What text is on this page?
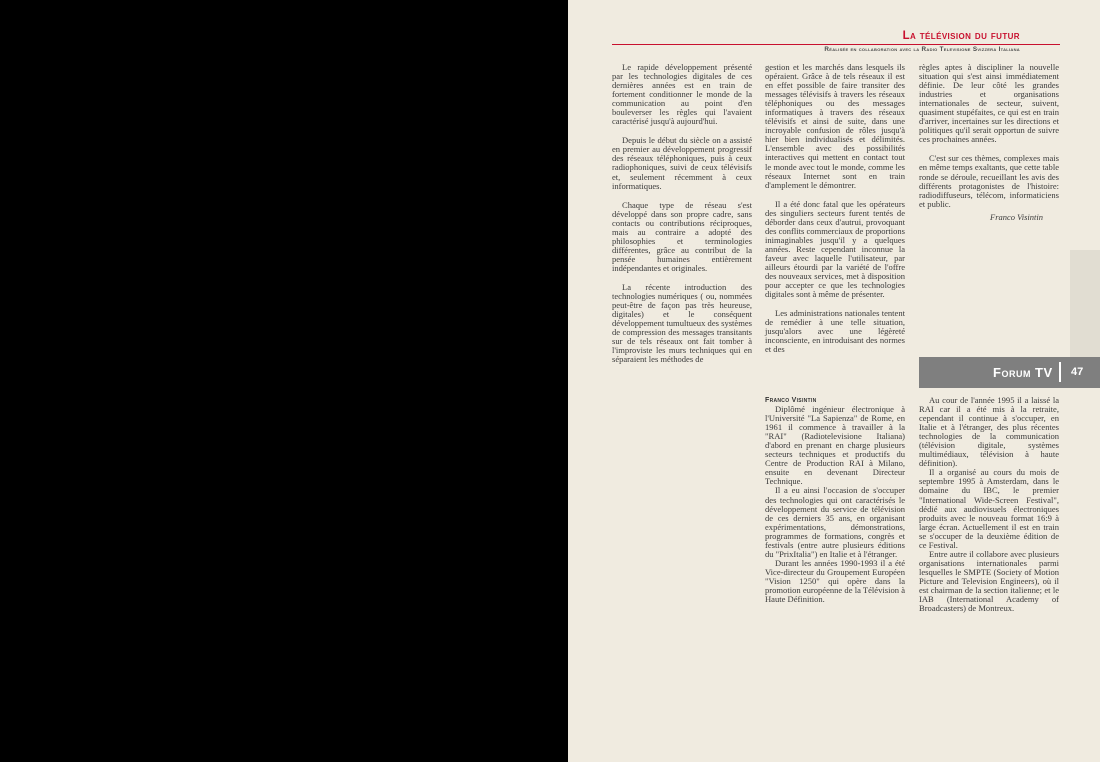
La télévision du futur
Réalisée en collaboration avec la Radio Televisione Svizzera Italiana

Le rapide développement présenté par les technologies digitales de ces dernières années est en train de fortement conditionner le monde de la communication au point d'en bouleverser les règles qui l'avaient caractérisé jusqu'à aujourd'hui.

Depuis le début du siècle on a assisté en premier au développement progressif des réseaux téléphoniques, puis à ceux radiophoniques, suivi de ceux télévisifs et, seulement récemment à ceux informatiques.

Chaque type de réseau s'est développé dans son propre cadre, sans contacts ou contributions réciproques, mais au contraire a adopté des philosophies et terminologies différentes, grâce au contribut de la pensée humaines entièrement indépendantes et originales.

La récente introduction des technologies numériques ( ou, nommées peut-être de façon pas très heureuse, digitales) et le conséquent développement tumultueux des systèmes de compression des messages transitants sur de tels réseaux ont fait tomber à l'improviste les murs techniques qui en séparaient les méthodes de

gestion et les marchés dans lesquels ils opéraient. Grâce à de tels réseaux il est en effet possible de faire transiter des messages télévisifs à travers les réseaux téléphoniques ou des messages informatiques à travers des réseaux télévisifs et ainsi de suite, dans une incroyable confusion de rôles jusqu'à hier bien individualisés et délimités. L'ensemble avec des possibilités interactives qui mettent en contact tout le monde avec tout le monde, comme les réseaux Internet sont en train d'amplement le démontrer.

Il a été donc fatal que les opérateurs des singuliers secteurs furent tentés de déborder dans ceux d'autrui, provoquant des conflits commerciaux de proportions inimaginables jusqu'il y a quelques années. Reste cependant inconnue la faveur avec laquelle l'utilisateur, par ailleurs étourdi par la variété de l'offre des nouveaux services, met à disposition pour accepter ce que les technologies digitales sont à même de présenter.

Les administrations nationales tentent de remédier à une telle situation, jusqu'alors avec une légèreté inconsciente, en introduisant des normes et des

règles aptes à discipliner la nouvelle situation qui s'est ainsi immédiatement définie. De leur côté les grandes industries et organisations internationales de secteur, suivent, quasiment stupéfaites, ce qui est en train d'arriver, incertaines sur les directions et politiques qu'il serait opportun de suivre ces prochaines années.

C'est sur ces thèmes, complexes mais en même temps exaltants, que cette table ronde se déroule, recueillant les avis des différents protagonistes de l'histoire: radiodiffuseurs, télécom, informaticiens et public.

Franco Visintin
Forum TV 47

Franco Visintin

Diplômé ingénieur électronique à l'Université "La Sapienza" de Rome, en 1961 il commence à travailler à la "RAI" (Radiotelevisione Italiana) d'abord en prenant en charge plusieurs secteurs techniques et productifs du Centre de Production RAI à Milano, ensuite en devenant Directeur Technique.

Il a eu ainsi l'occasion de s'occuper des technologies qui ont caractérisés le développement du service de télévision de ces derniers 35 ans, en organisant expérimentations, démonstrations, programmes de formations, congrès et festivals (entre autre plusieurs éditions du "PrixItalia") en Italie et à l'étranger.

Durant les années 1990-1993 il a été Vice-directeur du Groupement Européen "Vision 1250" qui opère dans la promotion européenne de la Télévision à Haute Définition.

Au cour de l'année 1995 il a laissé la RAI car il a été mis à la retraite, cependant il continue à s'occuper, en Italie et à l'étranger, des plus récentes technologies de la communication (télévision digitale, systèmes multimédiaux, télévision à haute définition).

Il a organisé au cours du mois de septembre 1995 à Amsterdam, dans le domaine du IBC, le premier "International Wide-Screen Festival", dédié aux audiovisuels électroniques produits avec le nouveau format 16:9 à large écran. Actuellement il est en train se s'occuper de la deuxième édition de ce Festival.

Entre autre il collabore avec plusieurs organisations internationales parmi lesquelles le SMPTE (Society of Motion Picture and Television Engineers), où il est chairman de la section italienne; et le IAB (International Academy of Broadcasters) de Montreux.
